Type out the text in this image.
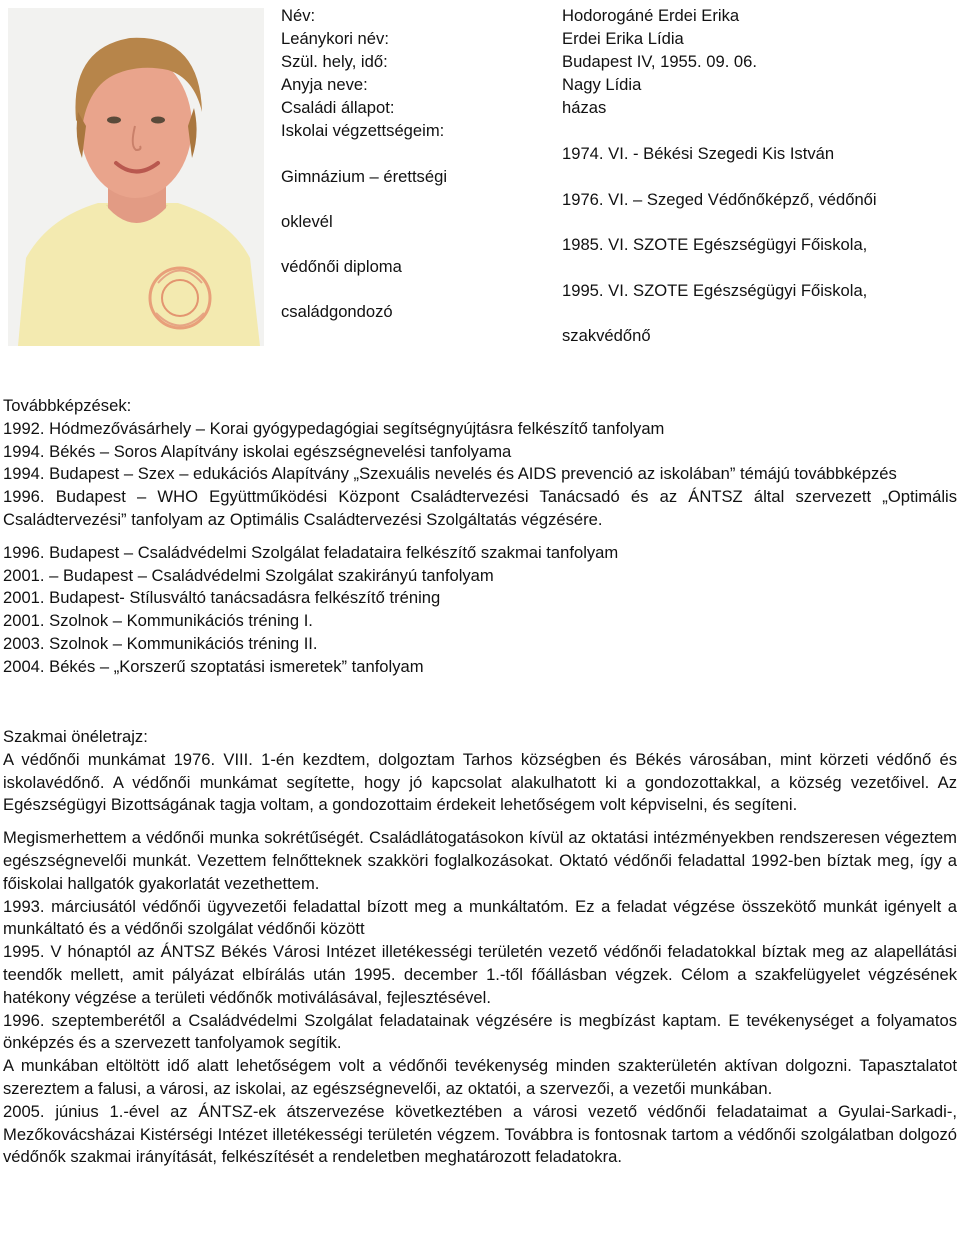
Név:
Leánykori név:
Szül. hely, idő:
Anyja neve:
Családi állapot:
Iskolai végzettségeim:
Gimnázium – érettségi
oklevél
védőnői diploma
családgondozó
Hodorogáné Erdei Erika
Erdei Erika Lídia
Budapest IV, 1955. 09. 06.
Nagy Lídia
házas
1974. VI. - Békési Szegedi Kis István
1976. VI. – Szeged Védőnőképző, védőnői
1985. VI. SZOTE Egészségügyi Főiskola,
1995. VI. SZOTE Egészségügyi Főiskola,
szakvédőnő
Továbbképzések:
1992. Hódmezővásárhely – Korai gyógypedagógiai segítségnyújtásra felkészítő tanfolyam
1994. Békés – Soros Alapítvány iskolai egészségnevelési tanfolyama
1994. Budapest – Szex – edukációs Alapítvány „Szexuális nevelés és AIDS prevenció az iskolában” témájú továbbképzés
1996. Budapest – WHO Együttműködési Központ Családtervezési Tanácsadó és az ÁNTSZ által szervezett „Optimális Családtervezési” tanfolyam az Optimális Családtervezési Szolgáltatás végzésére.
1996. Budapest – Családvédelmi Szolgálat feladataira felkészítő szakmai tanfolyam
2001. – Budapest – Családvédelmi Szolgálat szakirányú tanfolyam
2001. Budapest- Stílusváltó tanácsadásra felkészítő tréning
2001. Szolnok – Kommunikációs tréning I.
2003. Szolnok – Kommunikációs tréning II.
2004. Békés – „Korszerű szoptatási ismeretek” tanfolyam
Szakmai önéletrajz:
A védőnői munkámat 1976. VIII. 1-én kezdtem, dolgoztam Tarhos községben és Békés városában, mint körzeti védőnő és iskolavédőnő. A védőnői munkámat segítette, hogy jó kapcsolat alakulhatott ki a gondozottakkal, a község vezetőivel. Az Egészségügyi Bizottságának tagja voltam, a gondozottaim érdekeit lehetőségem volt képviselni, és segíteni.
Megismerhettem a védőnői munka sokrétűségét. Családlátogatásokon kívül az oktatási intézményekben rendszeresen végeztem egészségnevelői munkát. Vezettem felnőtteknek szakköri foglalkozásokat. Oktató védőnői feladattal 1992-ben bíztak meg, így a főiskolai hallgatók gyakorlatát vezethettem.
1993. márciusától védőnői ügyvezetői feladattal bízott meg a munkáltatóm. Ez a feladat végzése összekötő munkát igényelt a munkáltató és a védőnői szolgálat védőnői között
1995. V hónaptól az ÁNTSZ Békés Városi Intézet illetékességi területén vezető védőnői feladatokkal bíztak meg az alapellátási teendők mellett, amit pályázat elbírálás után 1995. december 1.-től főállásban végzek. Célom a szakfelügyelet végzésének hatékony végzése a területi védőnők motiválásával, fejlesztésével.
1996. szeptemberétől a Családvédelmi Szolgálat feladatainak végzésére is megbízást kaptam. E tevékenységet a folyamatos önképzés és a szervezett tanfolyamok segítik.
A munkában eltöltött idő alatt lehetőségem volt a védőnői tevékenység minden szakterületén aktívan dolgozni. Tapasztalatot szereztem a falusi, a városi, az iskolai, az egészségnevelői, az oktatói, a szervezői, a vezetői munkában.
2005. június 1.-ével az ÁNTSZ-ek átszervezése következtében a városi vezető védőnői feladataimat a Gyulai-Sarkadi-, Mezőkovácsházai Kistérségi Intézet illetékességi területén végzem. Továbbra is fontosnak tartom a védőnői szolgálatban dolgozó védőnők szakmai irányítását, felkészítését a rendeletben meghatározott feladatokra.
